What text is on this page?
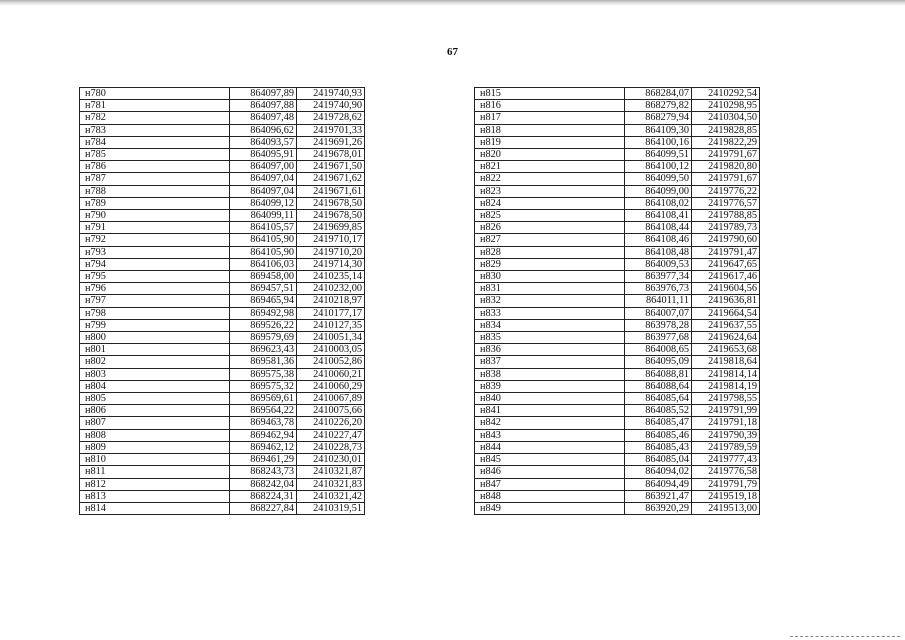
67
н780	864097,89	2419740,93
н781	864097,88	2419740,90
н782	864097,48	2419728,62
н783	864096,62	2419701,33
н784	864093,57	2419691,26
н785	864095,91	2419678,01
н786	864097,00	2419671,50
н787	864097,04	2419671,62
н788	864097,04	2419671,61
н789	864099,12	2419678,50
н790	864099,11	2419678,50
н791	864105,57	2419699,85
н792	864105,90	2419710,17
н793	864105,90	2419710,20
н794	864106,03	2419714,30
н795	869458,00	2410235,14
н796	869457,51	2410232,00
н797	869465,94	2410218,97
н798	869492,98	2410177,17
н799	869526,22	2410127,35
н800	869579,69	2410051,34
н801	869623,43	2410003,05
н802	869581,36	2410052,86
н803	869575,38	2410060,21
н804	869575,32	2410060,29
н805	869569,61	2410067,89
н806	869564,22	2410075,66
н807	869463,78	2410226,20
н808	869462,94	2410227,47
н809	869462,12	2410228,73
н810	869461,29	2410230,01
н811	868243,73	2410321,87
н812	868242,04	2410321,83
н813	868224,31	2410321,42
н814	868227,84	2410319,51
н815	868284,07	2410292,54
н816	868279,82	2410298,95
н817	868279,94	2410304,50
н818	864109,30	2419828,85
н819	864100,16	2419822,29
н820	864099,51	2419791,67
н821	864100,12	2419820,80
н822	864099,50	2419791,67
н823	864099,00	2419776,22
н824	864108,02	2419776,57
н825	864108,41	2419788,85
н826	864108,44	2419789,73
н827	864108,46	2419790,60
н828	864108,48	2419791,47
н829	864009,53	2419647,65
н830	863977,34	2419617,46
н831	863976,73	2419604,56
н832	864011,11	2419636,81
н833	864007,07	2419664,54
н834	863978,28	2419637,55
н835	863977,68	2419624,64
н836	864008,65	2419653,68
н837	864095,09	2419818,64
н838	864088,81	2419814,14
н839	864088,64	2419814,19
н840	864085,64	2419798,55
н841	864085,52	2419791,99
н842	864085,47	2419791,18
н843	864085,46	2419790,39
н844	864085,43	2419789,59
н845	864085,04	2419777,43
н846	864094,02	2419776,58
н847	864094,49	2419791,79
н848	863921,47	2419519,18
н849	863920,29	2419513,00
